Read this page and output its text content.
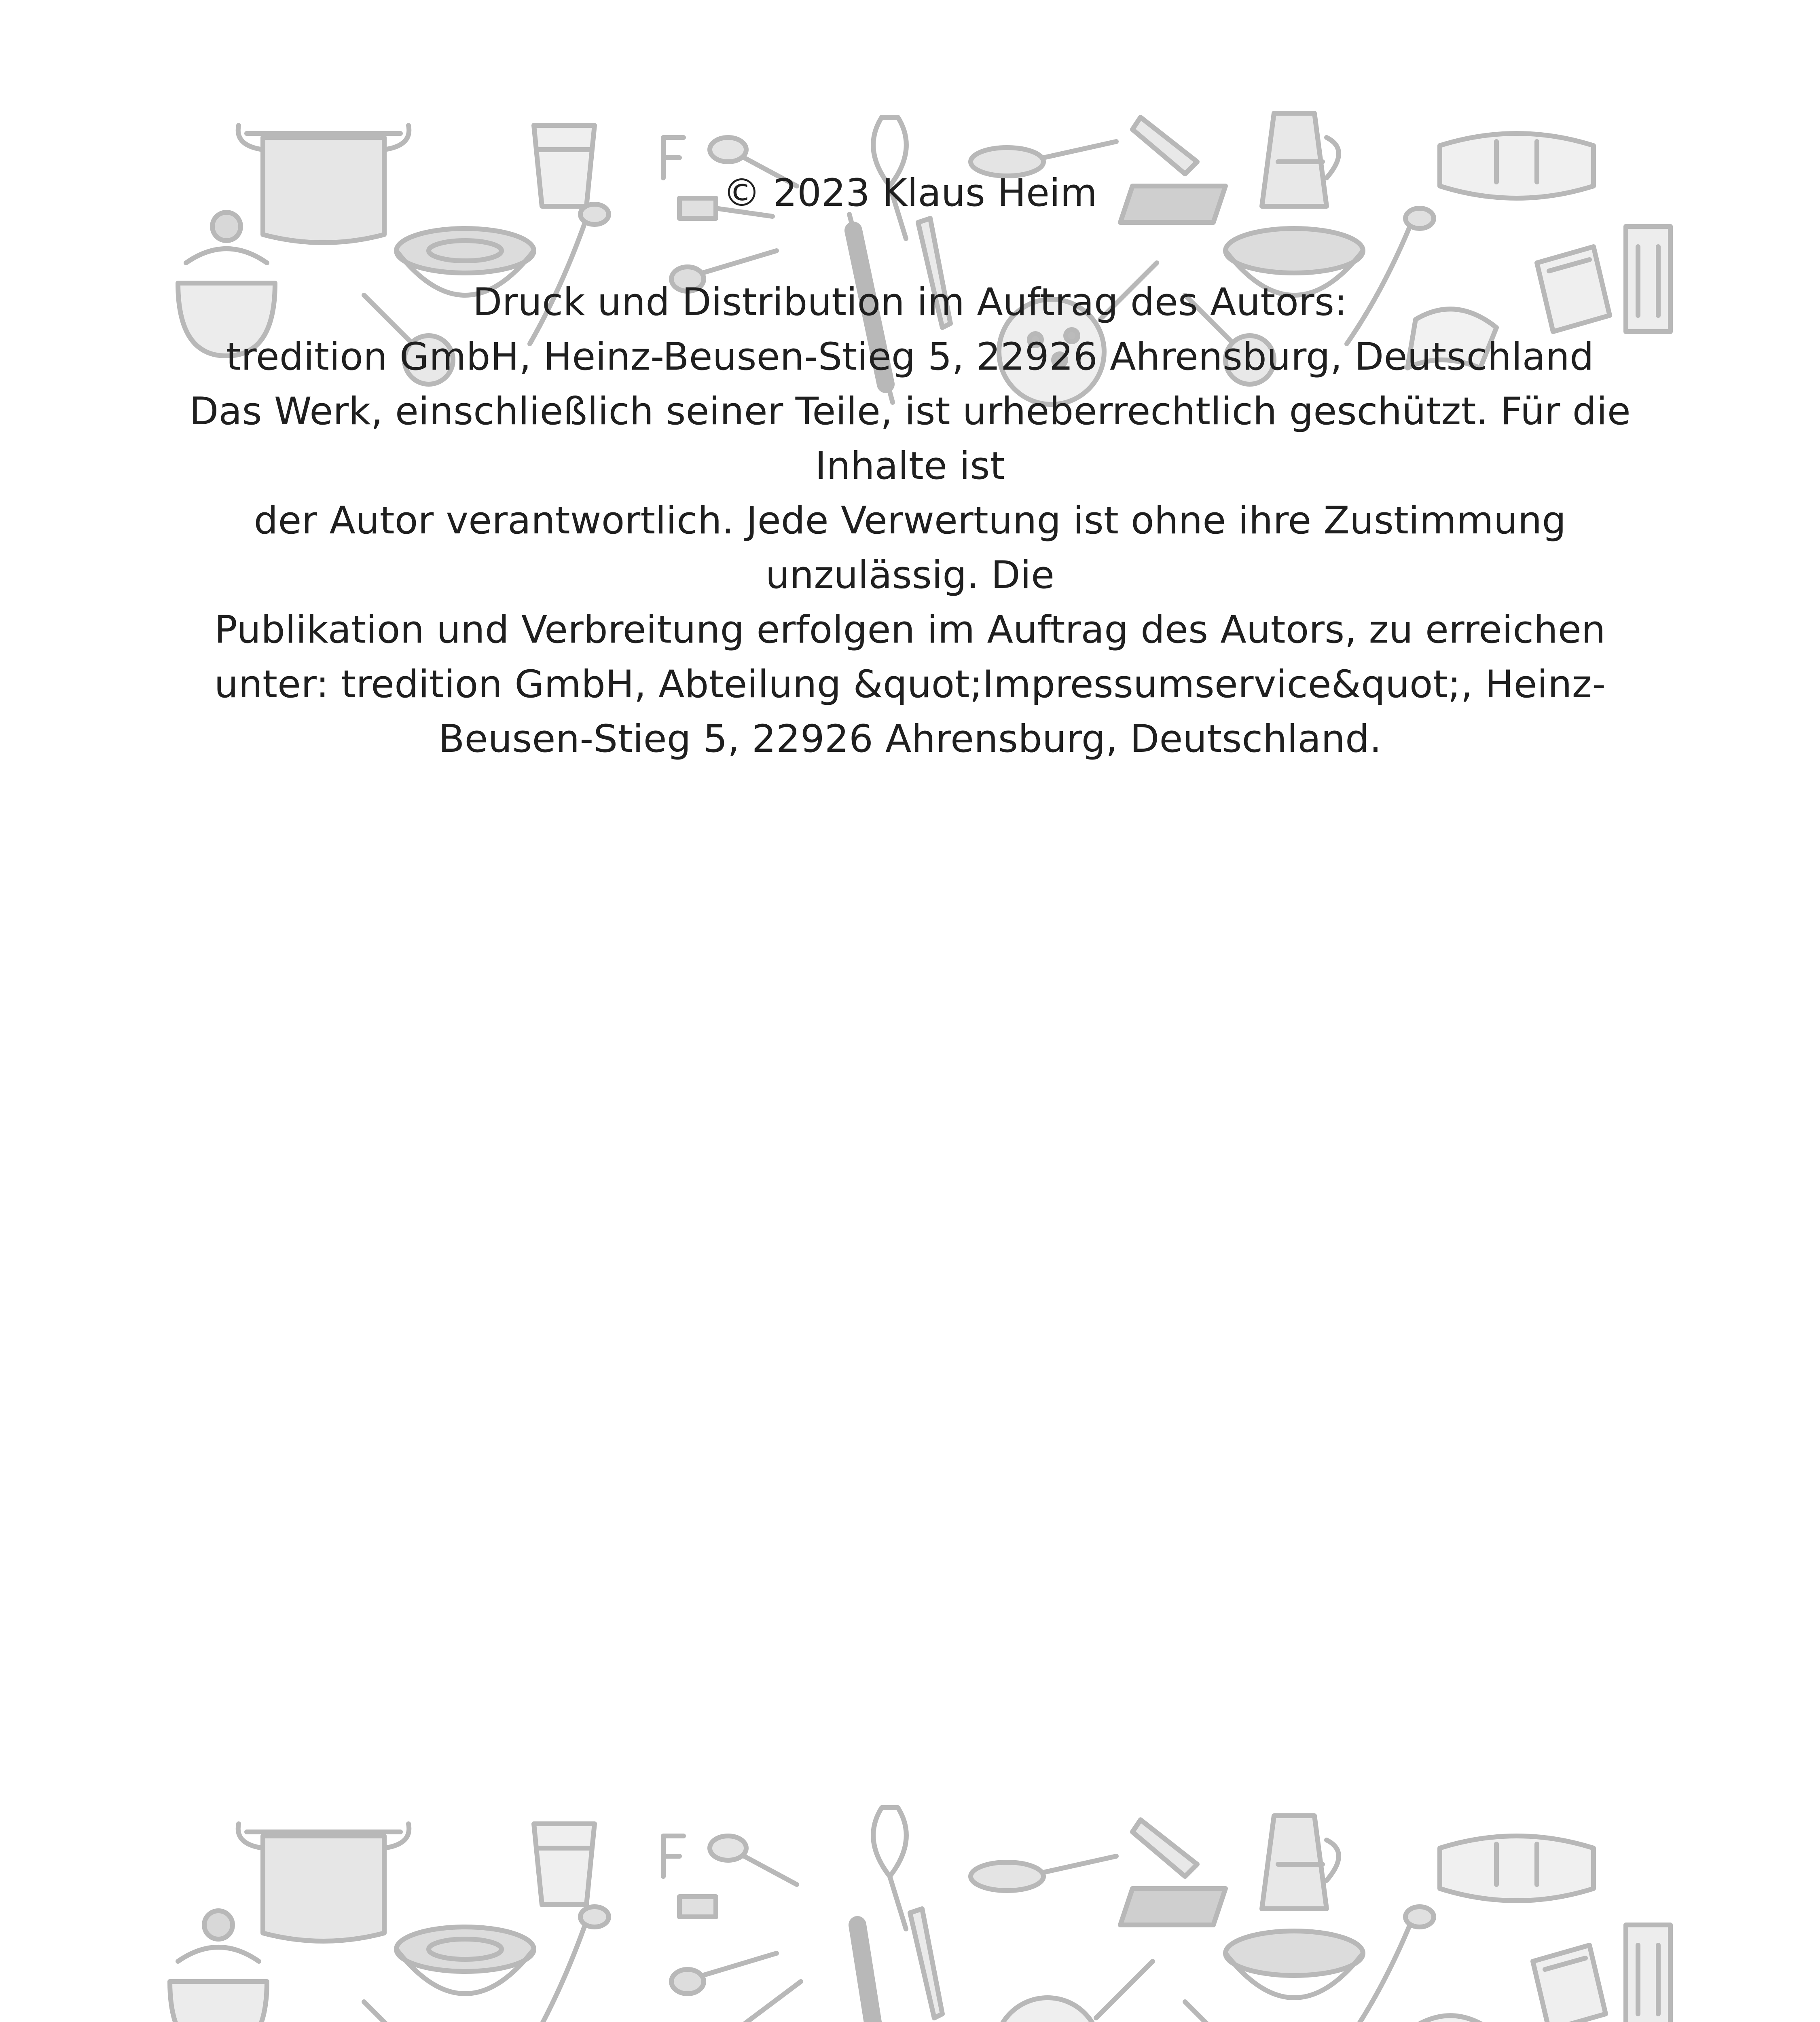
© 2023 Klaus Heim

Druck und Distribution im Auftrag des Autors:

tredition GmbH, Heinz-Beusen-Stieg 5, 22926 Ahrensburg, Deutschland

Das Werk, einschließlich seiner Teile, ist urheberrechtlich geschützt. Für die

Inhalte ist

der Autor verantwortlich. Jede Verwertung ist ohne ihre Zustimmung

unzulässig. Die

Publikation und Verbreitung erfolgen im Auftrag des Autors, zu erreichen

unter: tredition GmbH, Abteilung &quot;Impressumservice&quot;, Heinz-

Beusen-Stieg 5, 22926 Ahrensburg, Deutschland.
